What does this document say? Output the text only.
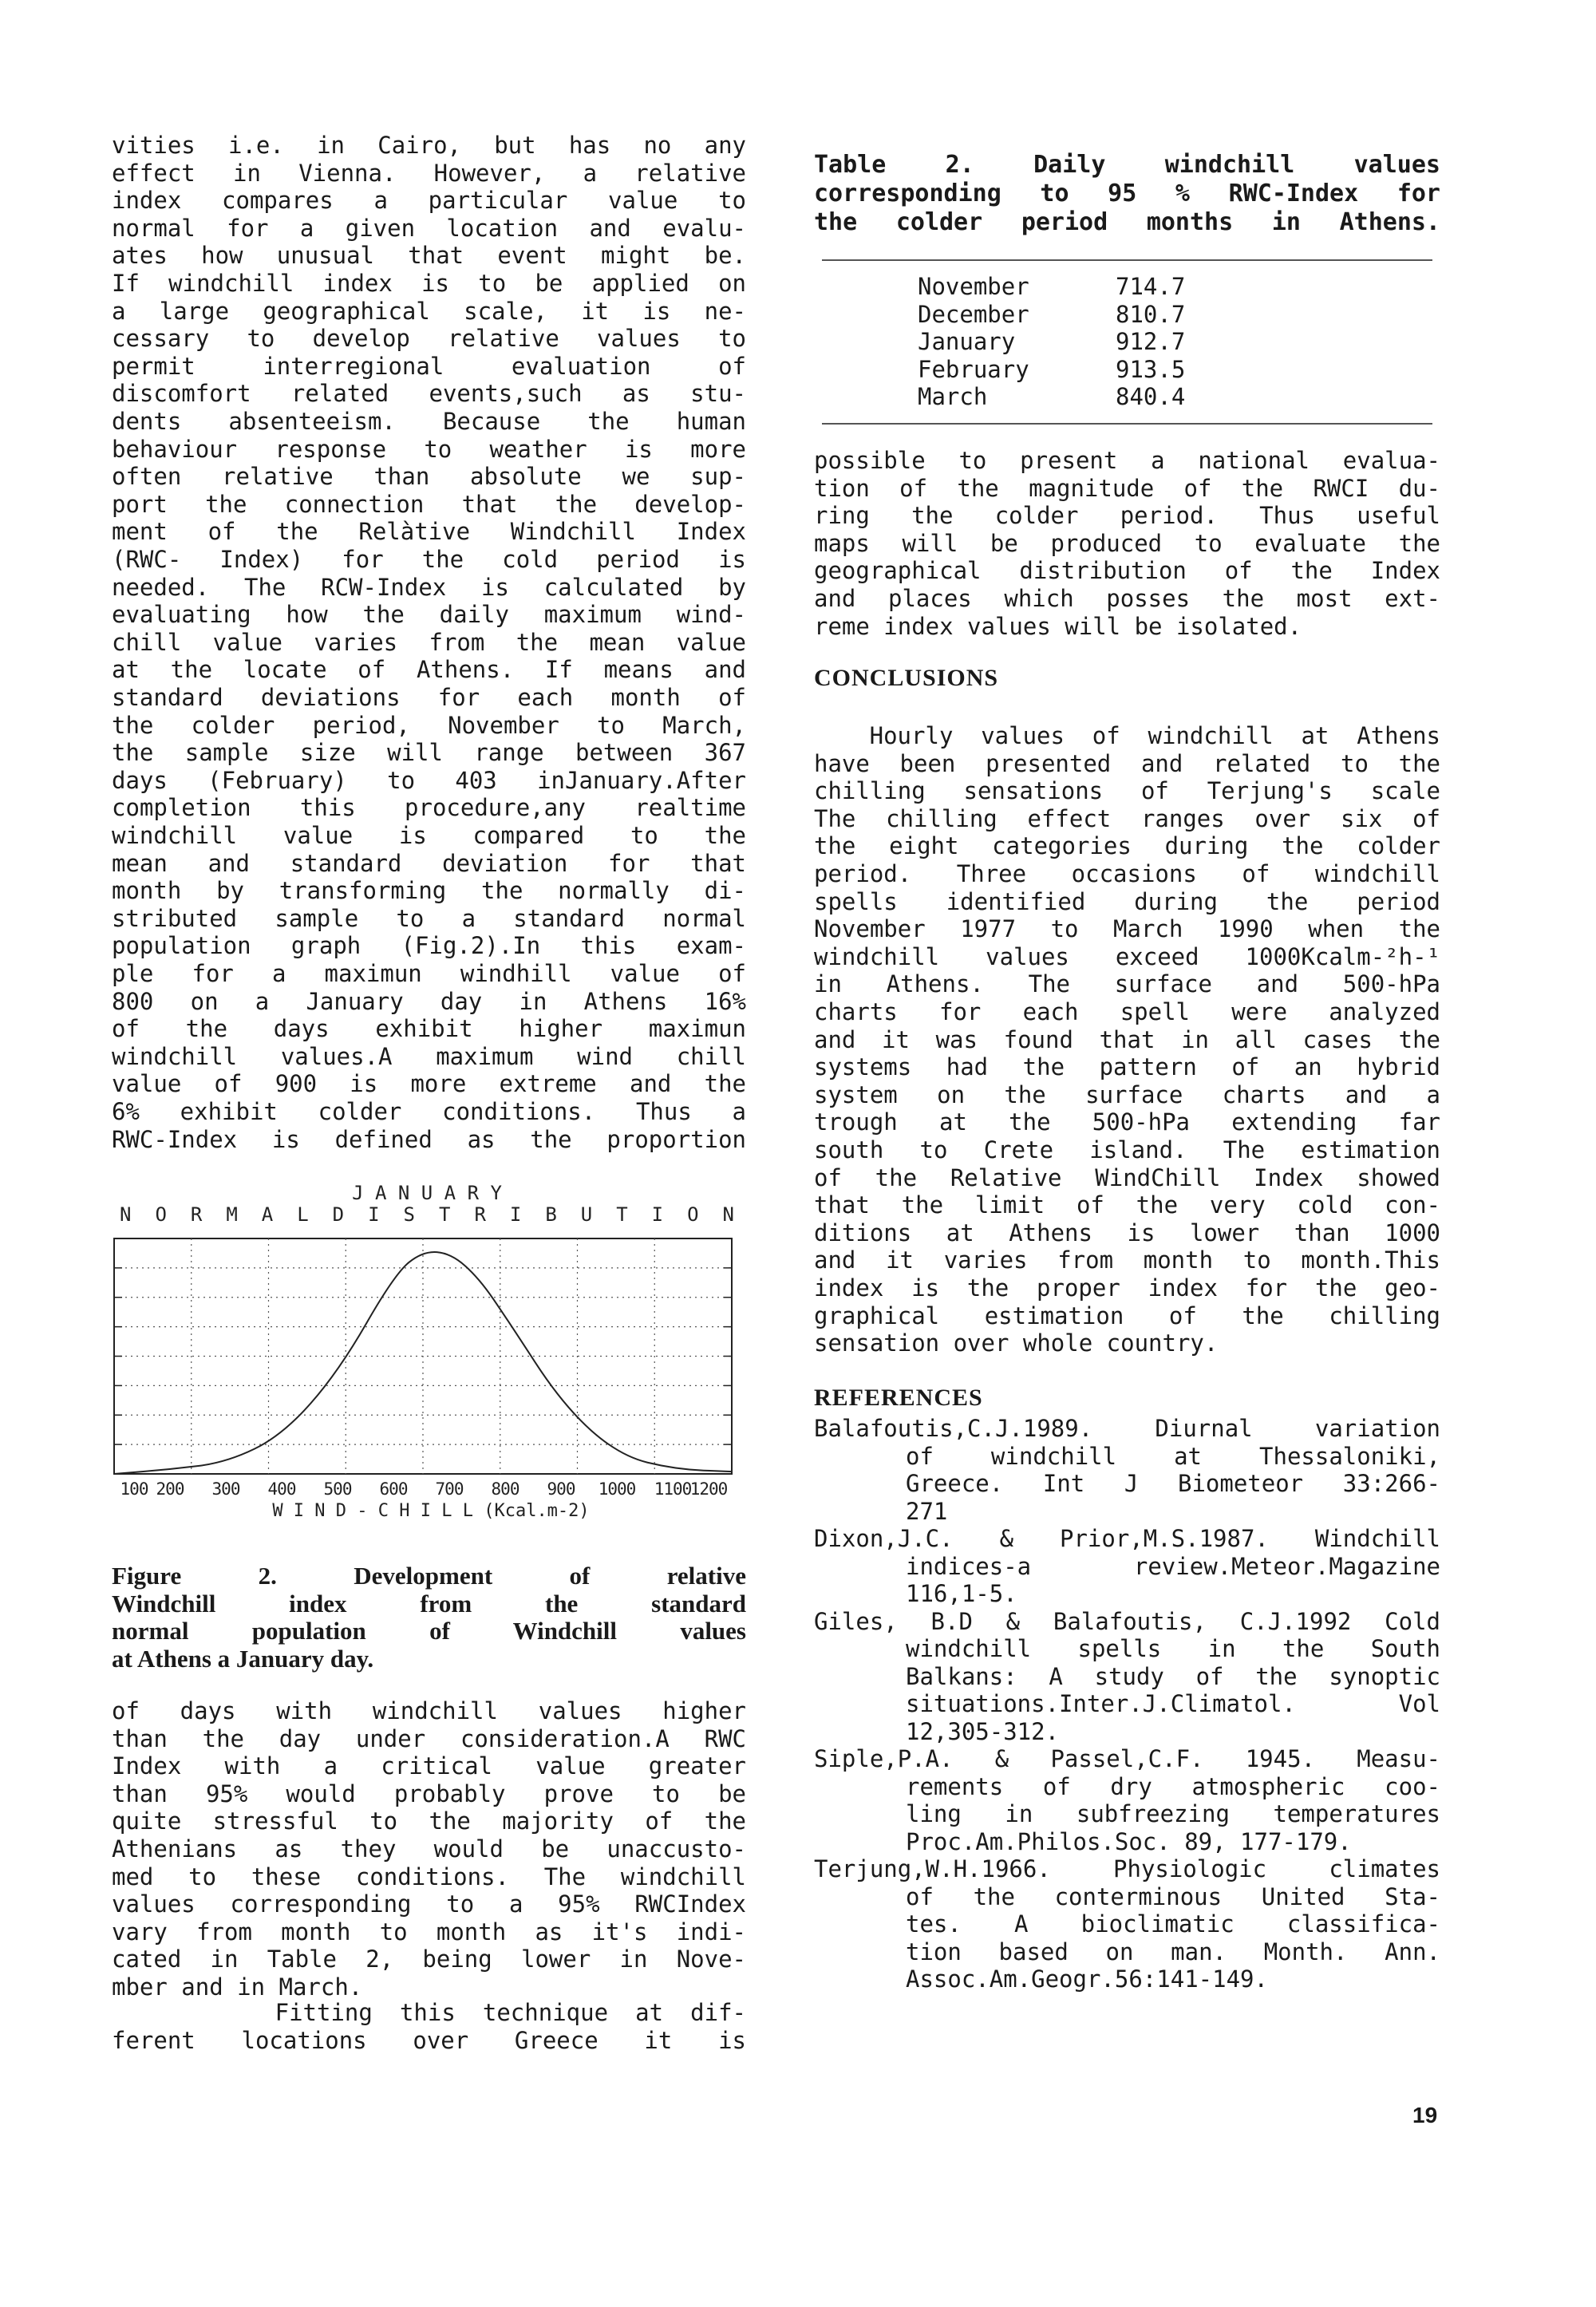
vities i.e. in Cairo, but has no any
effect in Vienna. However, a relative
index compares a particular value to
normal for a given location and evalu-
ates how unusual that event might be.
If windchill index is to be applied on
a large geographical scale, it is ne-
cessary to develop relative values to
permit interregional evaluation of
discomfort related events,such as stu-
dents absenteeism. Because the human
behaviour response to weather is more
often relative than absolute we sup-
port the connection that the develop-
ment of the Relàtive Windchill Index
(RWC- Index) for the cold period is
needed. The RCW-Index is calculated by
evaluating how the daily maximum wind-
chill value varies from the mean value
at the locate of Athens. If means and
standard deviations for each month of
the colder period, November to March,
the sample size will range between 367
days (February) to 403 inJanuary.After
completion this procedure,any realtime
windchill value is compared to the
mean and standard deviation for that
month by transforming the normally di-
stributed sample to a standard normal
population graph (Fig.2).In this exam-
ple for a maximun windhill value of
800 on a January day in Athens 16%
of the days exhibit higher maximun
windchill values.A maximum wind chill
value of 900 is more extreme and the
6% exhibit colder conditions. Thus a
RWC-Index is defined as the proportion
Figure 2. Development of relative
Windchill index from the standard
normal population of Windchill values
at Athens a January day.
of days with windchill values higher
than the day under consideration.A RWC
Index with a critical value greater
than 95% would probably prove to be
quite stressful to the majority of the
Athenians as they would be unaccusto-
med to these conditions. The windchill
values corresponding to a 95% RWCIndex
vary from month to month as it's indi-
cated in Table 2, being lower in Nove-
mber and in March.
Fitting this technique at dif-
ferent locations over Greece it is
J A N U A R Y
N O R M A L D I S T R I B U T I O N
100 200 300 400 500 600 700 800 900 1000 1100
1200
W I N D - C H I L L (Kcal.m-2)
Table 2. Daily windchill values
corresponding to 95 % RWC-Index for
the colder period months in Athens.
November	714.7
December	810.7
January	912.7
February	913.5
March	840.4
possible to present a national evalua-
tion of the magnitude of the RWCI du-
ring the colder period. Thus useful
maps will be produced to evaluate the
geographical distribution of the Index
and places which posses the most ext-
reme index values will be isolated.
CONCLUSIONS
Hourly values of windchill at Athens
have been presented and related to the
chilling sensations of Terjung's scale
The chilling effect ranges over six of
the eight categories during the colder
period. Three occasions of windchill
spells identified during the period
November 1977 to March 1990 when the
windchill values exceed 1000Kcalm-²h-¹
in Athens. The surface and 500-hPa
charts for each spell were analyzed
and it was found that in all cases the
systems had the pattern of an hybrid
system on the surface charts and a
trough at the 500-hPa extending far
south to Crete island. The estimation
of the Relative WindChill Index showed
that the limit of the very cold con-
ditions at Athens is lower than 1000
and it varies from month to month.This
index is the proper index for the geo-
graphical estimation of the chilling
sensation over whole country.
REFERENCES
Balafoutis,C.J.1989. Diurnal variation
of windchill at Thessaloniki,
Greece. Int J Biometeor 33:266-
271
Dixon,J.C. & Prior,M.S.1987. Windchill
indices-a review.Meteor.Magazine
116,1-5.
Giles, B.D & Balafoutis, C.J.1992 Cold
windchill spells in the South
Balkans: A study of the synoptic
situations.Inter.J.Climatol. Vol
12,305-312.
Siple,P.A. & Passel,C.F. 1945. Measu-
rements of dry atmospheric coo-
ling in subfreezing temperatures
Proc.Am.Philos.Soc. 89, 177-179.
Terjung,W.H.1966. Physiologic climates
of the conterminous United Sta-
tes. A bioclimatic classifica-
tion based on man. Month. Ann.
Assoc.Am.Geogr.56:141-149.
19
